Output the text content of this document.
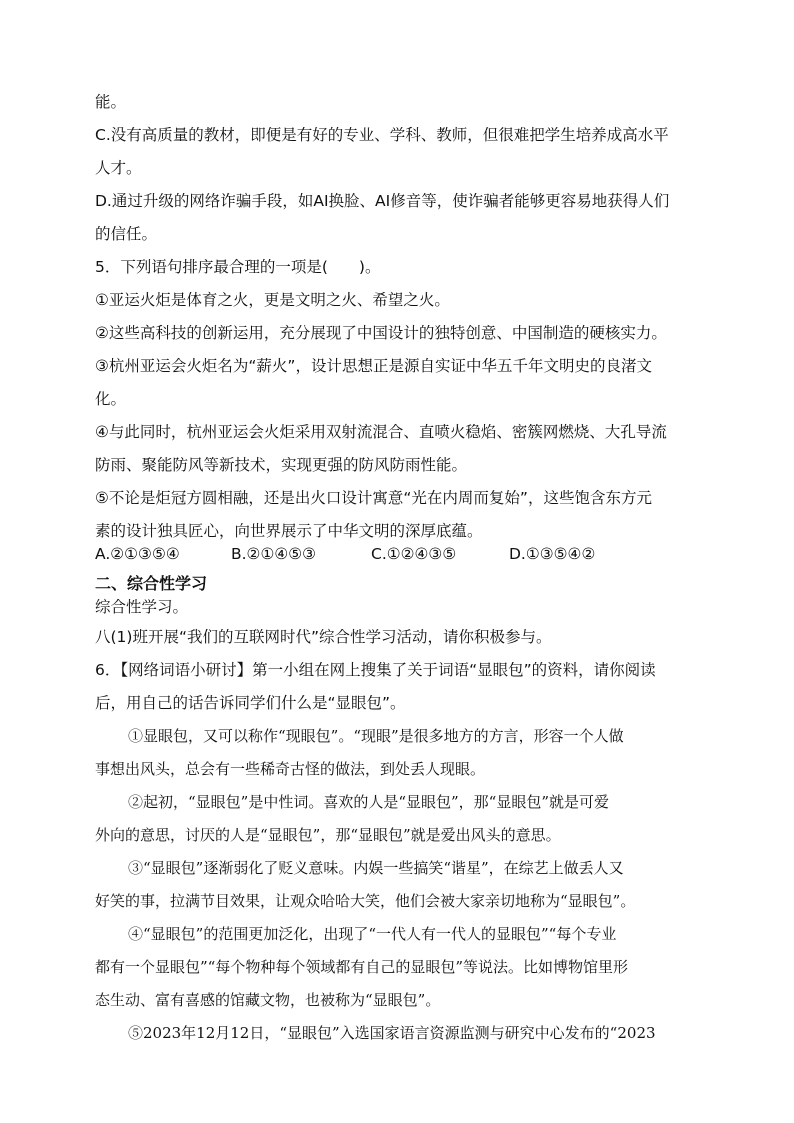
能。
C.没有高质量的教材，即便是有好的专业、学科、教师，但很难把学生培养成高水平
人才。
D.通过升级的网络诈骗手段，如AI换脸、AI修音等，使诈骗者能够更容易地获得人们
的信任。
5．下列语句排序最合理的一项是(　　)。
①亚运火炬是体育之火，更是文明之火、希望之火。
②这些高科技的创新运用，充分展现了中国设计的独特创意、中国制造的硬核实力。
③杭州亚运会火炬名为“薪火”，设计思想正是源自实证中华五千年文明史的良渚文
化。
④与此同时，杭州亚运会火炬采用双射流混合、直喷火稳焰、密簇网燃烧、大孔导流
防雨、聚能防风等新技术，实现更强的防风防雨性能。
⑤不论是炬冠方圆相融，还是出火口设计寓意“光在内周而复始”，这些饱含东方元
素的设计独具匠心，向世界展示了中华文明的深厚底蕴。
A.②①③⑤④	B.②①④⑤③	C.①②④③⑤	D.①③⑤④②
二、综合性学习
综合性学习。
八(1)班开展“我们的互联网时代”综合性学习活动，请你积极参与。
6．【网络词语小研讨】第一小组在网上搜集了关于词语“显眼包”的资料，请你阅读
后，用自己的话告诉同学们什么是“显眼包”。
①显眼包，又可以称作“现眼包”。“现眼”是很多地方的方言，形容一个人做
事想出风头，总会有一些稀奇古怪的做法，到处丢人现眼。
②起初，“显眼包”是中性词。喜欢的人是“显眼包”，那“显眼包”就是可爱
外向的意思，讨厌的人是“显眼包”，那“显眼包”就是爱出风头的意思。
③“显眼包”逐渐弱化了贬义意味。内娱一些搞笑“谐星”，在综艺上做丢人又
好笑的事，拉满节目效果，让观众哈哈大笑，他们会被大家亲切地称为“显眼包”。
④“显眼包”的范围更加泛化，出现了“一代人有一代人的显眼包”“每个专业
都有一个显眼包”“每个物种每个领域都有自己的显眼包”等说法。比如博物馆里形
态生动、富有喜感的馆藏文物，也被称为“显眼包”。
⑤2023年12月12日，“显眼包”入选国家语言资源监测与研究中心发布的“2023
